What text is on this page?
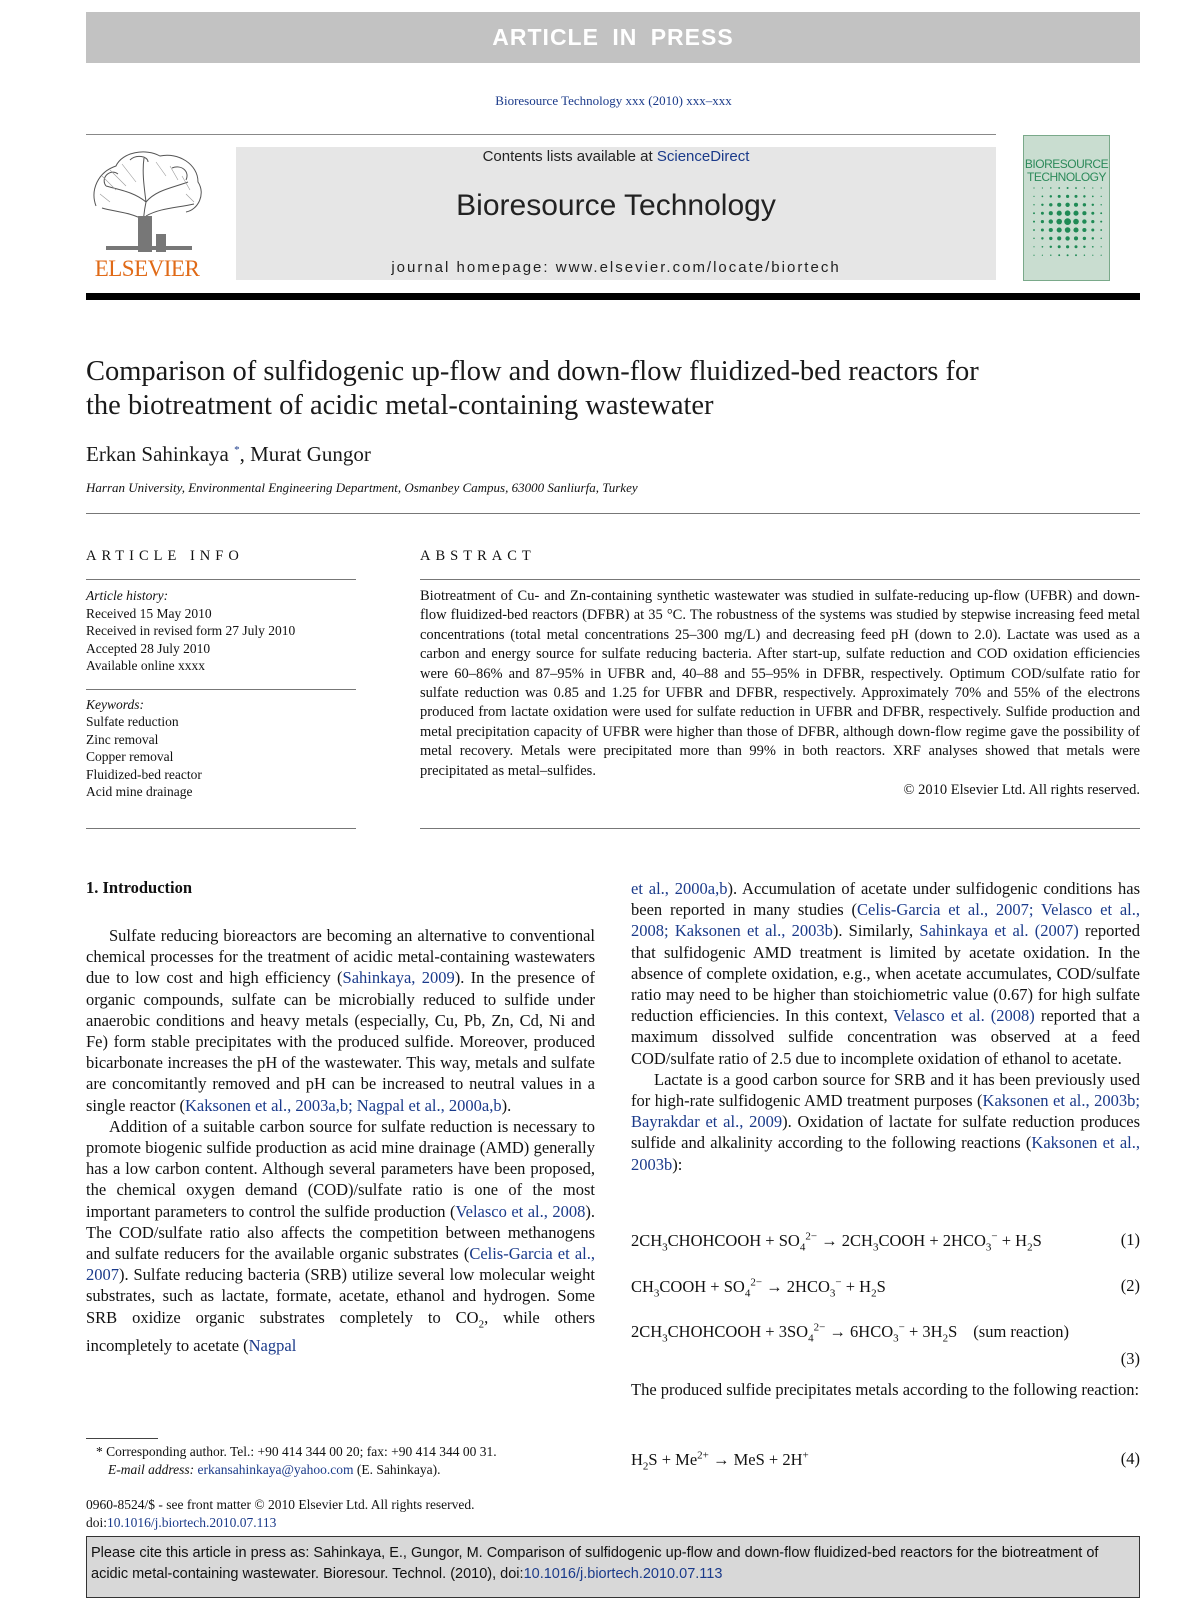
ARTICLE IN PRESS
Bioresource Technology xxx (2010) xxx–xxx
ELSEVIER
Contents lists available at ScienceDirect
Bioresource Technology
journal homepage: www.elsevier.com/locate/biortech
BIORESOURCE
TECHNOLOGY
Comparison of sulfidogenic up-flow and down-flow fluidized-bed reactors for
the biotreatment of acidic metal-containing wastewater
Erkan Sahinkaya *, Murat Gungor
Harran University, Environmental Engineering Department, Osmanbey Campus, 63000 Sanliurfa, Turkey
ARTICLE INFO	ABSTRACT
Article history:
Received 15 May 2010
Received in revised form 27 July 2010
Accepted 28 July 2010
Available online xxxx
Keywords:
Sulfate reduction
Zinc removal
Copper removal
Fluidized-bed reactor
Acid mine drainage
Biotreatment of Cu- and Zn-containing synthetic wastewater was studied in sulfate-reducing up-flow (UFBR) and down-flow fluidized-bed reactors (DFBR) at 35 °C. The robustness of the systems was studied by stepwise increasing feed metal concentrations (total metal concentrations 25–300 mg/L) and decreasing feed pH (down to 2.0). Lactate was used as a carbon and energy source for sulfate reducing bacteria. After start-up, sulfate reduction and COD oxidation efficiencies were 60–86% and 87–95% in UFBR and, 40–88 and 55–95% in DFBR, respectively. Optimum COD/sulfate ratio for sulfate reduction was 0.85 and 1.25 for UFBR and DFBR, respectively. Approximately 70% and 55% of the electrons produced from lactate oxidation were used for sulfate reduction in UFBR and DFBR, respectively. Sulfide production and metal precipitation capacity of UFBR were higher than those of DFBR, although down-flow regime gave the possibility of metal recovery. Metals were precipitated more than 99% in both reactors. XRF analyses showed that metals were precipitated as metal–sulfides.
© 2010 Elsevier Ltd. All rights reserved.
1. Introduction

Sulfate reducing bioreactors are becoming an alternative to conventional chemical processes for the treatment of acidic metal-containing wastewaters due to low cost and high efficiency (Sahinkaya, 2009). In the presence of organic compounds, sulfate can be microbially reduced to sulfide under anaerobic conditions and heavy metals (especially, Cu, Pb, Zn, Cd, Ni and Fe) form stable precipitates with the produced sulfide. Moreover, produced bicarbonate increases the pH of the wastewater. This way, metals and sulfate are concomitantly removed and pH can be increased to neutral values in a single reactor (Kaksonen et al., 2003a,b; Nagpal et al., 2000a,b).

Addition of a suitable carbon source for sulfate reduction is necessary to promote biogenic sulfide production as acid mine drainage (AMD) generally has a low carbon content. Although several parameters have been proposed, the chemical oxygen demand (COD)/sulfate ratio is one of the most important parameters to control the sulfide production (Velasco et al., 2008). The COD/sulfate ratio also affects the competition between methanogens and sulfate reducers for the available organic substrates (Celis-Garcia et al., 2007). Sulfate reducing bacteria (SRB) utilize several low molecular weight substrates, such as lactate, formate, acetate, ethanol and hydrogen. Some SRB oxidize organic substrates completely to $CO_2$, while others incompletely to acetate (Nagpal

et al., 2000a,b). Accumulation of acetate under sulfidogenic conditions has been reported in many studies (Celis-Garcia et al., 2007; Velasco et al., 2008; Kaksonen et al., 2003b). Similarly, Sahinkaya et al. (2007) reported that sulfidogenic AMD treatment is limited by acetate oxidation. In the absence of complete oxidation, e.g., when acetate accumulates, COD/sulfate ratio may need to be higher than stoichiometric value (0.67) for high sulfate reduction efficiencies. In this context, Velasco et al. (2008) reported that a maximum dissolved sulfide concentration was observed at a feed COD/sulfate ratio of 2.5 due to incomplete oxidation of ethanol to acetate.

Lactate is a good carbon source for SRB and it has been previously used for high-rate sulfidogenic AMD treatment purposes (Kaksonen et al., 2003b; Bayrakdar et al., 2009). Oxidation of lactate for sulfate reduction produces sulfide and alkalinity according to the following reactions (Kaksonen et al., 2003b):

$2CH_3CHOHCOOH + SO_4^{2-}$ → $2CH_3COOH + 2HCO_3^- + H_2S$	(1)
$CH_3COOH + SO_4^{2-} \to 2HCO_3^- + H_2S$	(2)
$2CH_3CHOHCOOH + 3SO_4^{2-} \to 6HCO_3^- + 3H_2S$ (sum reaction)
(3)

The produced sulfide precipitates metals according to the following reaction:

$H_2S + Me^{2+}$ → MeS + 2H+	(4)
* Corresponding author. Tel.: +90 414 344 00 20; fax: +90 414 344 00 31.
E-mail address: erkansahinkaya@yahoo.com (E. Sahinkaya).
0960-8524/$ - see front matter © 2010 Elsevier Ltd. All rights reserved.
doi:10.1016/j.biortech.2010.07.113
Please cite this article in press as: Sahinkaya, E., Gungor, M. Comparison of sulfidogenic up-flow and down-flow fluidized-bed reactors for the biotreatment of acidic metal-containing wastewater. Bioresour. Technol. (2010), doi:10.1016/j.biortech.2010.07.113
